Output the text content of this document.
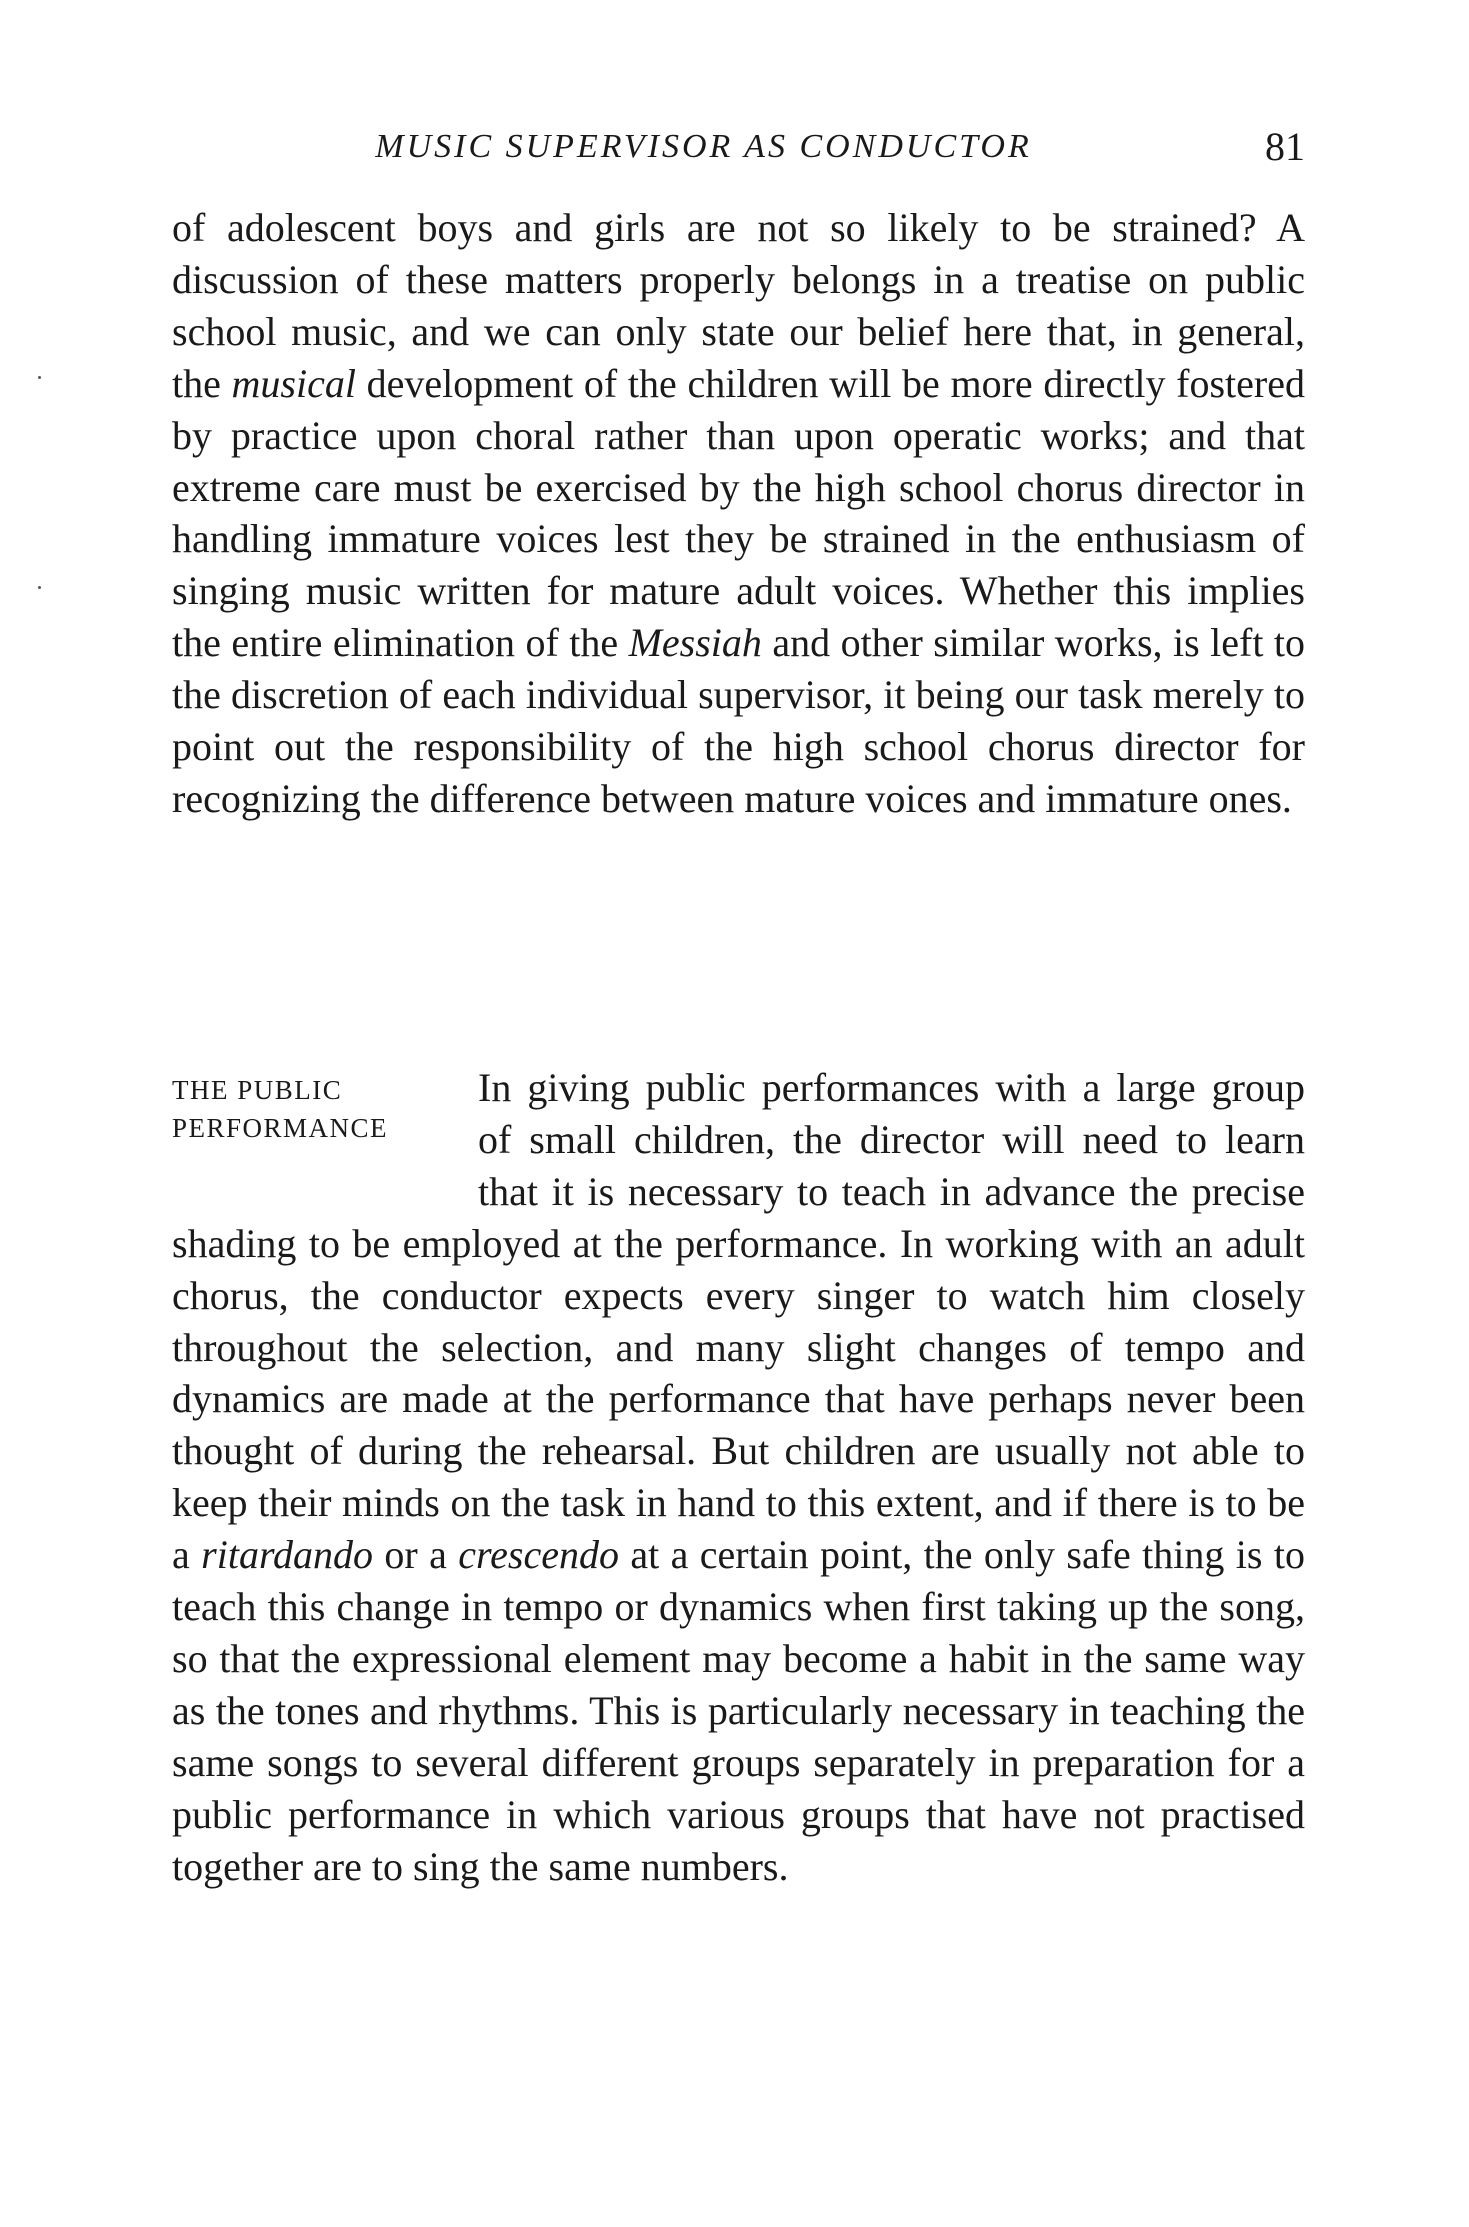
MUSIC SUPERVISOR AS CONDUCTOR	81

of adolescent boys and girls are not so likely to be strained? A discussion of these matters properly belongs in a treatise on public school music, and we can only state our belief here that, in general, the musical development of the children will be more directly fostered by practice upon choral rather than upon operatic works; and that extreme care must be exercised by the high school chorus director in handling immature voices lest they be strained in the enthusiasm of singing music written for mature adult voices. Whether this implies the entire elimination of the Messiah and other similar works, is left to the discretion of each individual supervisor, it being our task merely to point out the responsibility of the high school chorus director for recognizing the difference between mature voices and immature ones.

THE PUBLIC
PERFORMANCE

In giving public performances with a large group of small children, the director will need to learn that it is necessary to teach in advance the precise shading to be employed at the performance. In working with an adult chorus, the conductor expects every singer to watch him closely throughout the selection, and many slight changes of tempo and dynamics are made at the performance that have perhaps never been thought of during the rehearsal. But children are usually not able to keep their minds on the task in hand to this extent, and if there is to be a ritardando or a crescendo at a certain point, the only safe thing is to teach this change in tempo or dynamics when first taking up the song, so that the expressional element may become a habit in the same way as the tones and rhythms. This is particularly necessary in teaching the same songs to several different groups separately in preparation for a public performance in which various groups that have not practised together are to sing the same numbers.
